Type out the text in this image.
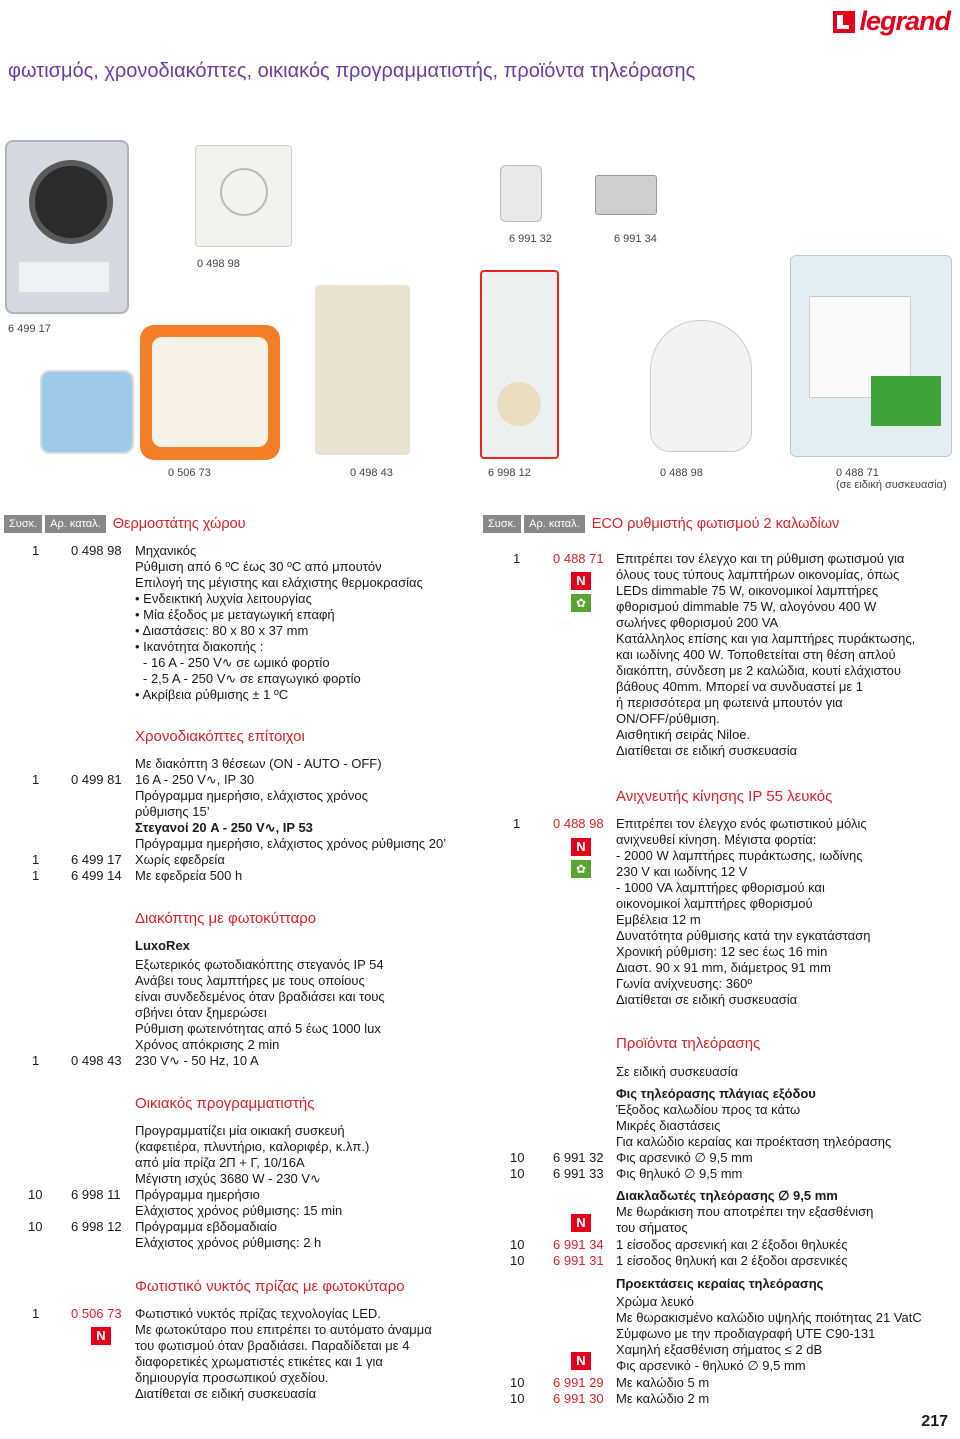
legrand
φωτισμός, χρονοδιακόπτες, οικιακός προγραμματιστής, προϊόντα τηλεόρασης
0 498 98
6 499 17
6 991 32	6 991 34
0 506 73	0 498 43	6 998 12	0 488 98	0 488 71
(σε ειδική συσκευασία)
Συσκ.	Αρ. καταλ. Θερμοστάτης χώρου
1 0 498 98 Μηχανικός
Ρύθμιση από 6 ºC έως 30 ºC από μπουτόν
Επιλογή της μέγιστης και ελάχιστης θερμοκρασίας
• Ενδεικτική λυχνία λειτουργίας
• Μία έξοδος με μεταγωγική επαφή
• Διαστάσεις: 80 x 80 x 37 mm
• Ικανότητα διακοπής :
- 16 A - 250 V∿ σε ωμικό φορτίο
- 2,5 A - 250 V∿ σε επαγωγικό φορτίο
• Ακρίβεια ρύθμισης ± 1 ºC
Χρονοδιακόπτες επίτοιχοι
Με διακόπτη 3 θέσεων (ON - AUTO - OFF)
1 0 499 81 16 A - 250 V∿, IP 30
Πρόγραμμα ημερήσιο, ελάχιστος χρόνος
ρύθμισης 15’
Στεγανοί 20 A - 250 V∿, IP 53
Πρόγραμμα ημερήσιο, ελάχιστος χρόνος ρύθμισης 20’
1 6 499 17 Χωρίς εφεδρεία
1 6 499 14 Με εφεδρεία 500 h
Διακόπτης με φωτοκύτταρο
LuxoRex
Εξωτερικός φωτοδιακόπτης στεγανός IP 54
Ανάβει τους λαμπτήρες με τους οποίους
είναι συνδεδεμένος όταν βραδιάσει και τους
σβήνει όταν ξημερώσει
Ρύθμιση φωτεινότητας από 5 έως 1000 lux
Χρόνος απόκρισης 2 min
1 0 498 43 230 V∿ - 50 Hz, 10 A
Οικιακός προγραμματιστής
Προγραμματίζει μία οικιακή συσκευή
(καφετιέρα, πλυντήριο, καλοριφέρ, κ.λπ.)
από μία πρίζα 2Π + Γ, 10/16A
Μέγιστη ισχύς 3680 W - 230 V∿
10 6 998 11 Πρόγραμμα ημερήσιο
Ελάχιστος χρόνος ρύθμισης: 15 min
10 6 998 12 Πρόγραμμα εβδομαδιαίο
Ελάχιστος χρόνος ρύθμισης: 2 h
Φωτιστικό νυκτός πρίζας με φωτοκύταρο
1 0 506 73 Φωτιστικό νυκτός πρίζας τεχνολογίας LED.
N	Με φωτοκύταρο που επιτρέπει το αυτόματο άναμμα
του φωτισμού όταν βραδιάσει. Παραδίδεται με 4
διαφορετικές χρωματιστές ετικέτες και 1 για
δημιουργία προσωπικού σχεδίου.
Διατίθεται σε ειδική συσκευασία
Συσκ.	Αρ. καταλ. ECO ρυθμιστής φωτισμού 2 καλωδίων
1	0 488 71
N
✿
Επιτρέπει τον έλεγχο και τη ρύθμιση φωτισμού για
όλους τους τύπους λαμπτήρων οικονομίας, όπως
LEDs dimmable 75 W, οικονομικοί λαμπτήρες
φθορισμού dimmable 75 W, αλογόνου 400 W
σωλήνες φθορισμού 200 VA
Κατάλληλος επίσης και για λαμπτήρες πυράκτωσης,
και ιωδίνης 400 W. Τοποθετείται στη θέση απλού
διακόπτη, σύνδεση με 2 καλώδια, κουτί ελάχιστου
βάθους 40mm. Μπορεί να συνδυαστεί με 1
ή περισσότερα μη φωτεινά μπουτόν για
ON/OFF/ρύθμιση.
Αισθητική σειράς Niloe.
Διατίθεται σε ειδική συσκευασία
Ανιχνευτής κίνησης IP 55 λευκός
1	0 488 98
N
✿
Επιτρέπει τον έλεγχο ενός φωτιστικού μόλις
ανιχνευθεί κίνηση. Μέγιστα φορτία:
- 2000 W λαμπτήρες πυράκτωσης, ιωδίνης
230 V και ιωδίνης 12 V
- 1000 VA λαμπτήρες φθορισμού και
οικονομικοί λαμπτήρες φθορισμού
Εμβέλεια 12 m
Δυνατότητα ρύθμισης κατά την εγκατάσταση
Χρονική ρύθμιση: 12 sec έως 16 min
Διαστ. 90 x 91 mm, διάμετρος 91 mm
Γωνία ανίχνευσης: 360º
Διατίθεται σε ειδική συσκευασία
Προϊόντα τηλεόρασης
Σε ειδική συσκευασία
Φις τηλεόρασης πλάγιας εξόδου
Έξοδος καλωδίου προς τα κάτω
Μικρές διαστάσεις
Για καλώδιο κεραίας και προέκταση τηλεόρασης
10 6 991 32 Φις αρσενικό ∅ 9,5 mm
10 6 991 33 Φις θηλυκό ∅ 9,5 mm
Διακλαδωτές τηλεόρασης ∅ 9,5 mm
Με θωράκιση που αποτρέπει την εξασθένιση
N	του σήματος
10 6 991 34 1 είσοδος αρσενική και 2 έξοδοι θηλυκές
10 6 991 31 1 είσοδος θηλυκή και 2 έξοδοι αρσενικές
Προεκτάσεις κεραίας τηλεόρασης
Χρώμα λευκό
Με θωρακισμένο καλώδιο υψηλής ποιότητας 21 VatC
Σύμφωνο με την προδιαγραφή UTE C90-131
Χαμηλή εξασθένιση σήματος ≤ 2 dB
N	Φις αρσενικό - θηλυκό ∅ 9,5 mm
10 6 991 29 Με καλώδιο 5 m
10 6 991 30 Με καλώδιο 2 m
217
